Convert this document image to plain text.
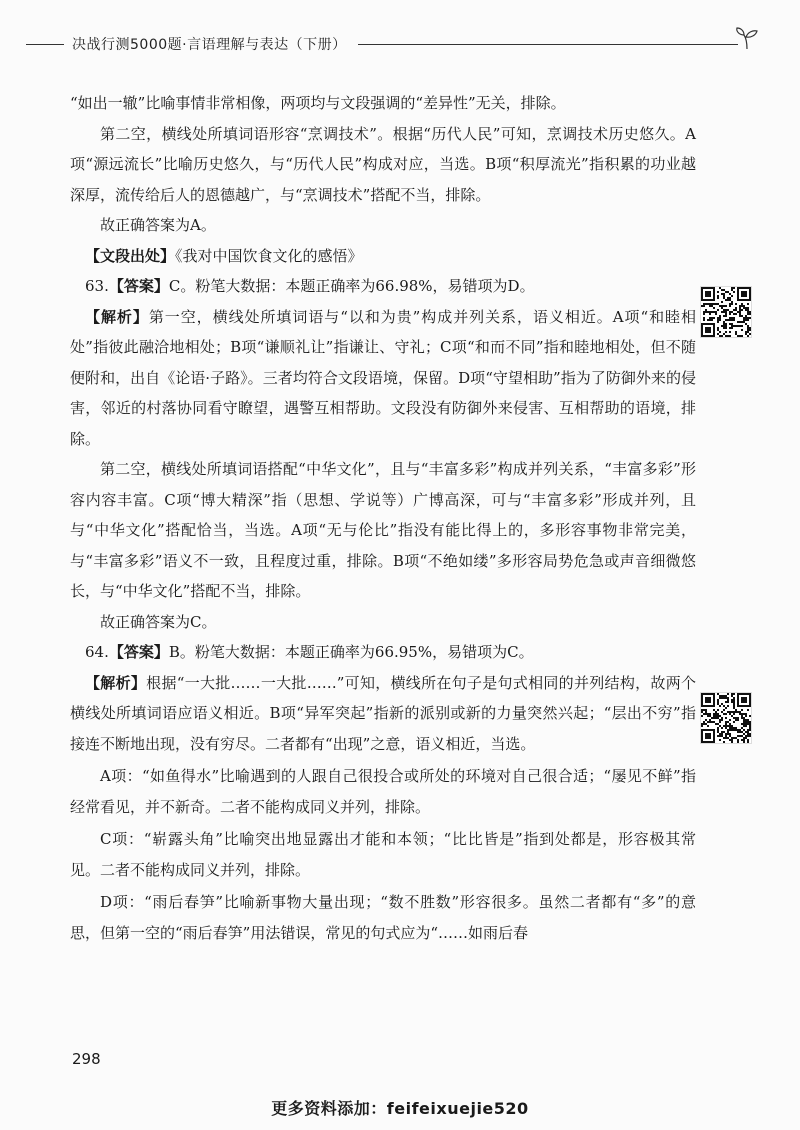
决战行测5000题·言语理解与表达（下册）

“如出一辙”比喻事情非常相像，两项均与文段强调的“差异性”无关，排除。

第二空，横线处所填词语形容“烹调技术”。根据“历代人民”可知，烹调技术历史悠久。A项“源远流长”比喻历史悠久，与“历代人民”构成对应，当选。B项“积厚流光”指积累的功业越深厚，流传给后人的恩德越广，与“烹调技术”搭配不当，排除。

故正确答案为A。

【文段出处】《我对中国饮食文化的感悟》

63.【答案】C。粉笔大数据：本题正确率为66.98%，易错项为D。

【解析】第一空，横线处所填词语与“以和为贵”构成并列关系，语义相近。A项“和睦相处”指彼此融洽地相处；B项“谦顺礼让”指谦让、守礼；C项“和而不同”指和睦地相处，但不随便附和，出自《论语·子路》。三者均符合文段语境，保留。D项“守望相助”指为了防御外来的侵害，邻近的村落协同看守瞭望，遇警互相帮助。文段没有防御外来侵害、互相帮助的语境，排除。

第二空，横线处所填词语搭配“中华文化”，且与“丰富多彩”构成并列关系，“丰富多彩”形容内容丰富。C项“博大精深”指（思想、学说等）广博高深，可与“丰富多彩”形成并列，且与“中华文化”搭配恰当，当选。A项“无与伦比”指没有能比得上的，多形容事物非常完美，与“丰富多彩”语义不一致，且程度过重，排除。B项“不绝如缕”多形容局势危急或声音细微悠长，与“中华文化”搭配不当，排除。

故正确答案为C。

64.【答案】B。粉笔大数据：本题正确率为66.95%，易错项为C。

【解析】根据“一大批……一大批……”可知，横线所在句子是句式相同的并列结构，故两个横线处所填词语应语义相近。B项“异军突起”指新的派别或新的力量突然兴起；“层出不穷”指接连不断地出现，没有穷尽。二者都有“出现”之意，语义相近，当选。

A项：“如鱼得水”比喻遇到的人跟自己很投合或所处的环境对自己很合适；“屡见不鲜”指经常看见，并不新奇。二者不能构成同义并列，排除。

C项：“崭露头角”比喻突出地显露出才能和本领；“比比皆是”指到处都是，形容极其常见。二者不能构成同义并列，排除。

D项：“雨后春笋”比喻新事物大量出现；“数不胜数”形容很多。虽然二者都有“多”的意思，但第一空的“雨后春笋”用法错误，常见的句式应为“……如雨后春

298
更多资料添加：feifeixuejie520
